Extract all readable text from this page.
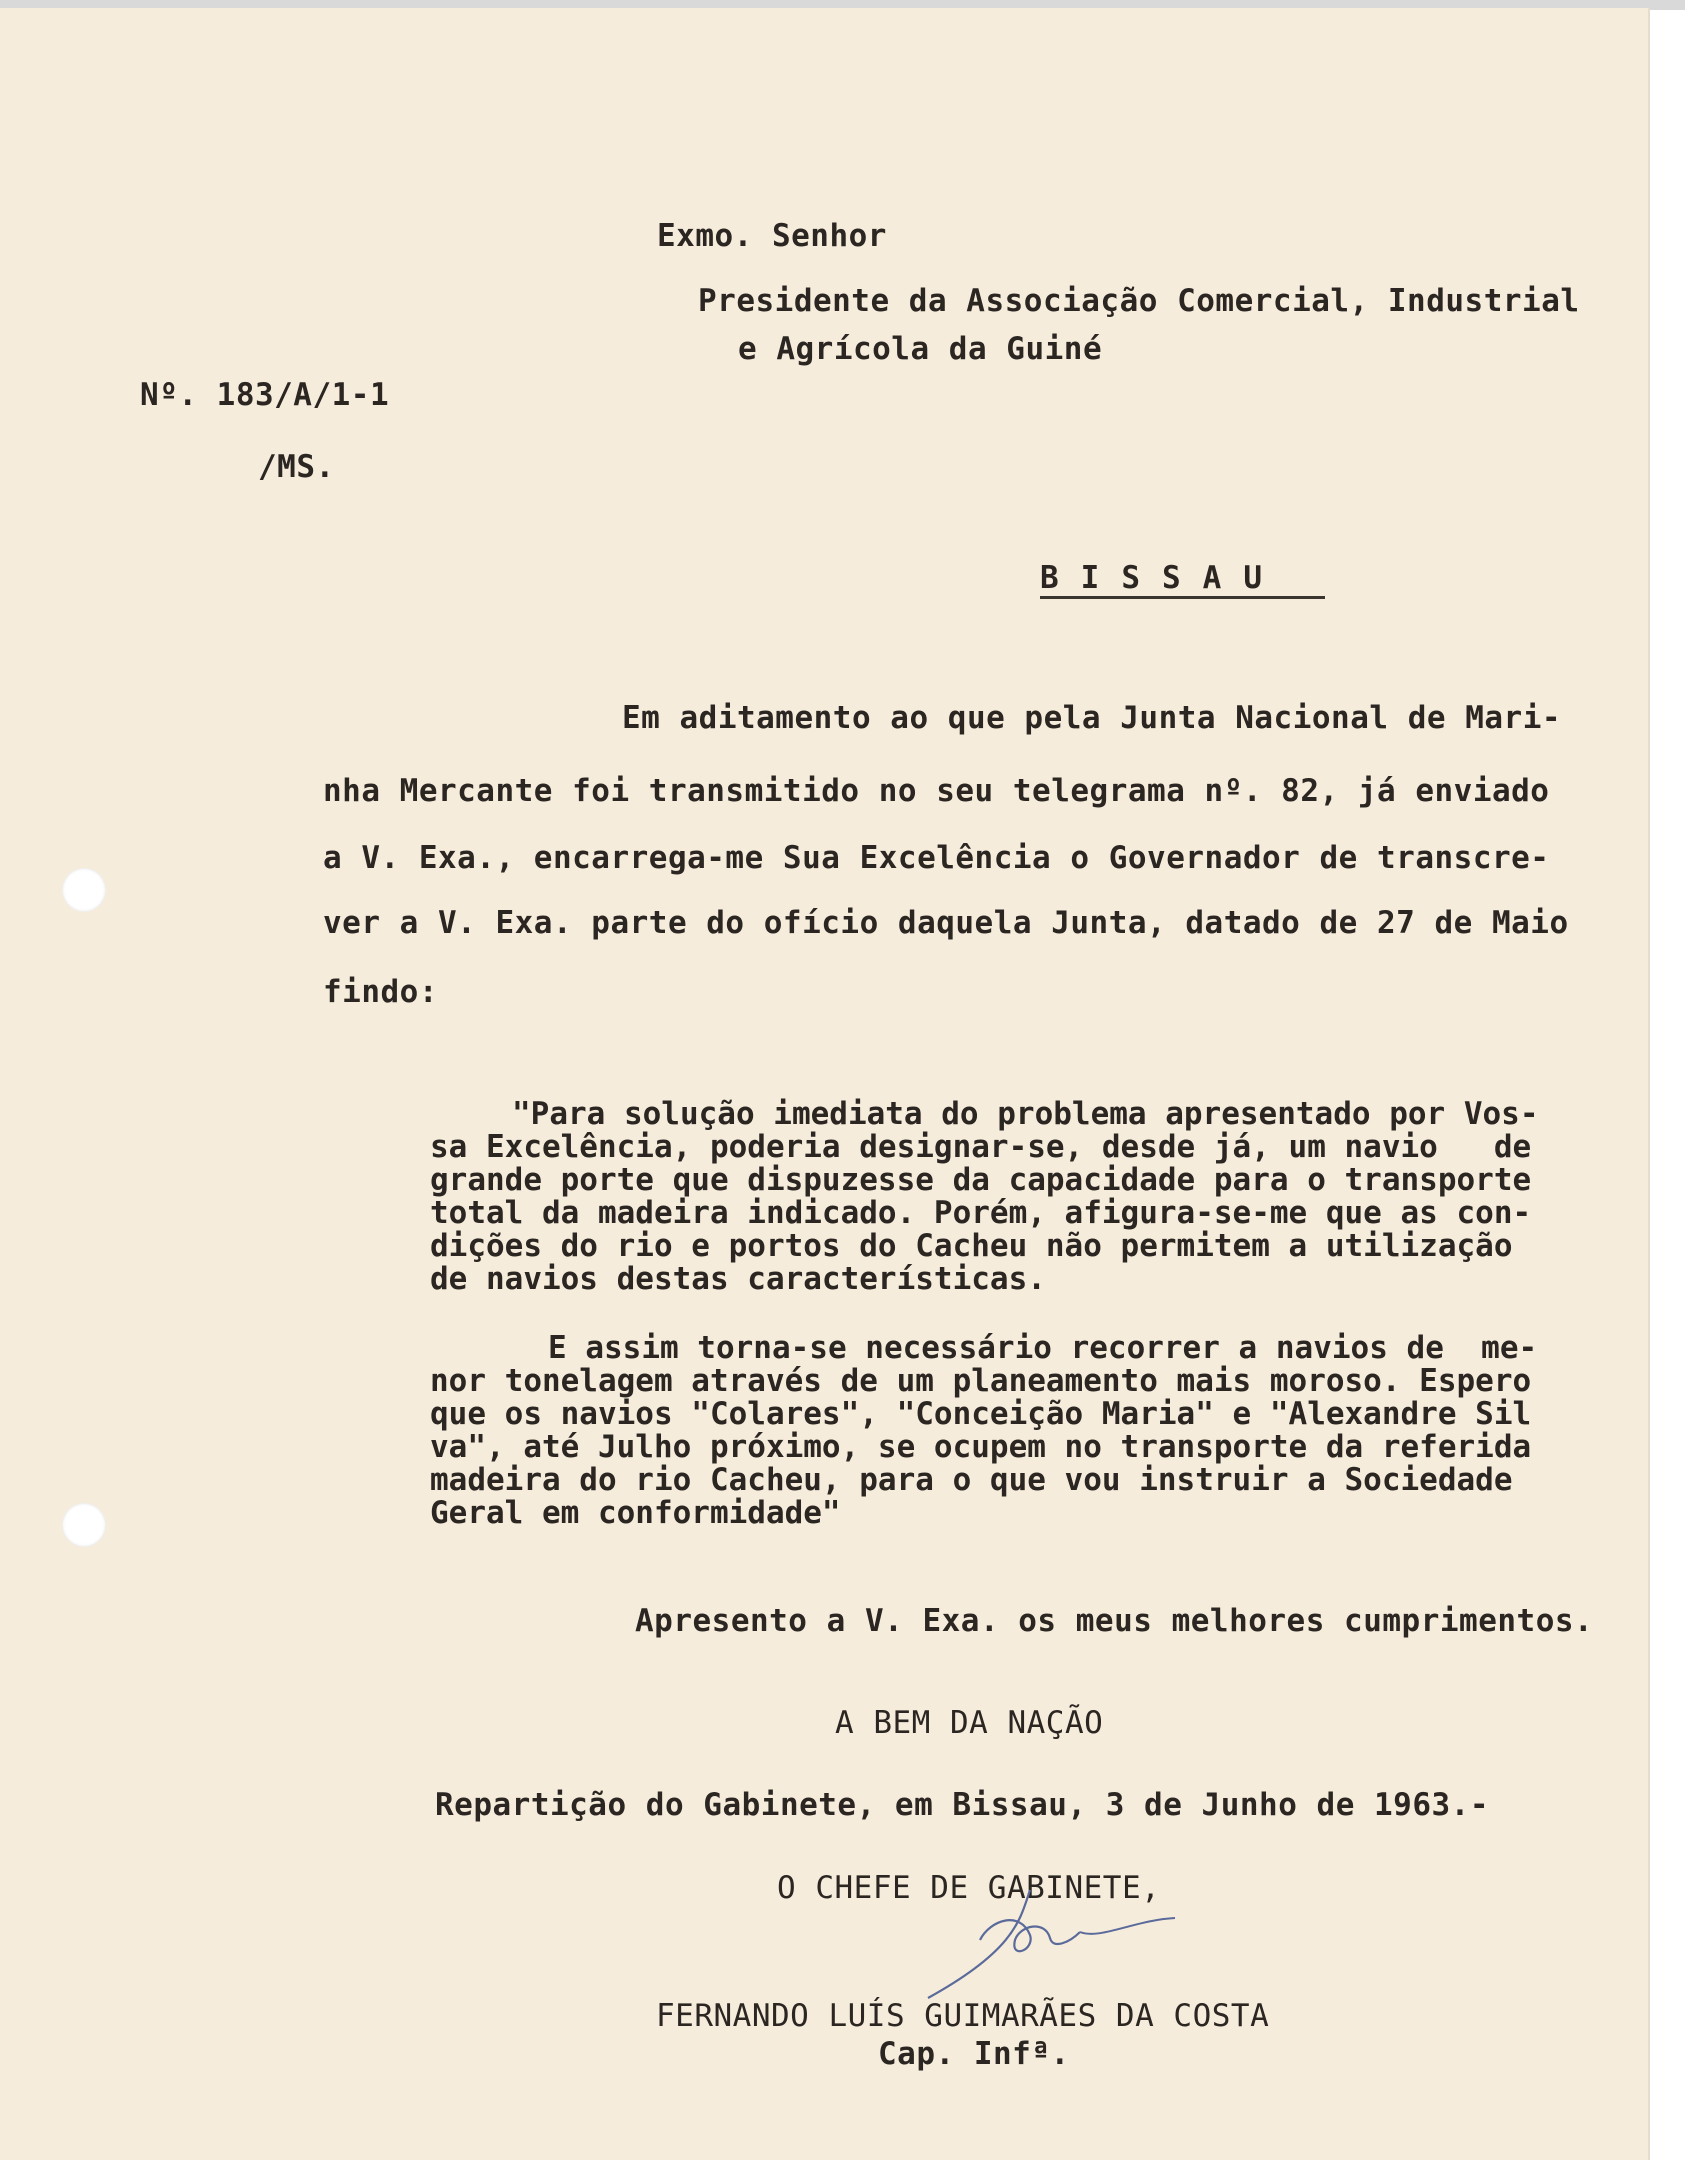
Exmo. Senhor
Presidente da Associação Comercial, Industrial
e Agrícola da Guiné
Nº. 183/A/1-1
/MS.
BISSAU
Em aditamento ao que pela Junta Nacional de Mari-
nha Mercante foi transmitido no seu telegrama nº. 82, já enviado
a V. Exa., encarrega-me Sua Excelência o Governador de transcre-
ver a V. Exa. parte do ofício daquela Junta, datado de 27 de Maio
findo:
"Para solução imediata do problema apresentado por Vos-
sa Excelência, poderia designar-se, desde já, um navio   de
grande porte que dispuzesse da capacidade para o transporte
total da madeira indicado. Porém, afigura-se-me que as con-
dições do rio e portos do Cacheu não permitem a utilização
de navios destas características.
E assim torna-se necessário recorrer a navios de  me-
nor tonelagem através de um planeamento mais moroso. Espero
que os navios "Colares", "Conceição Maria" e "Alexandre Sil
va", até Julho próximo, se ocupem no transporte da referida
madeira do rio Cacheu, para o que vou instruir a Sociedade
Geral em conformidade"
Apresento a V. Exa. os meus melhores cumprimentos.
A BEM DA NAÇÃO
Repartição do Gabinete, em Bissau, 3 de Junho de 1963.-
O CHEFE DE GABINETE,
FERNANDO LUÍS GUIMARÃES DA COSTA
Cap. Infª.
